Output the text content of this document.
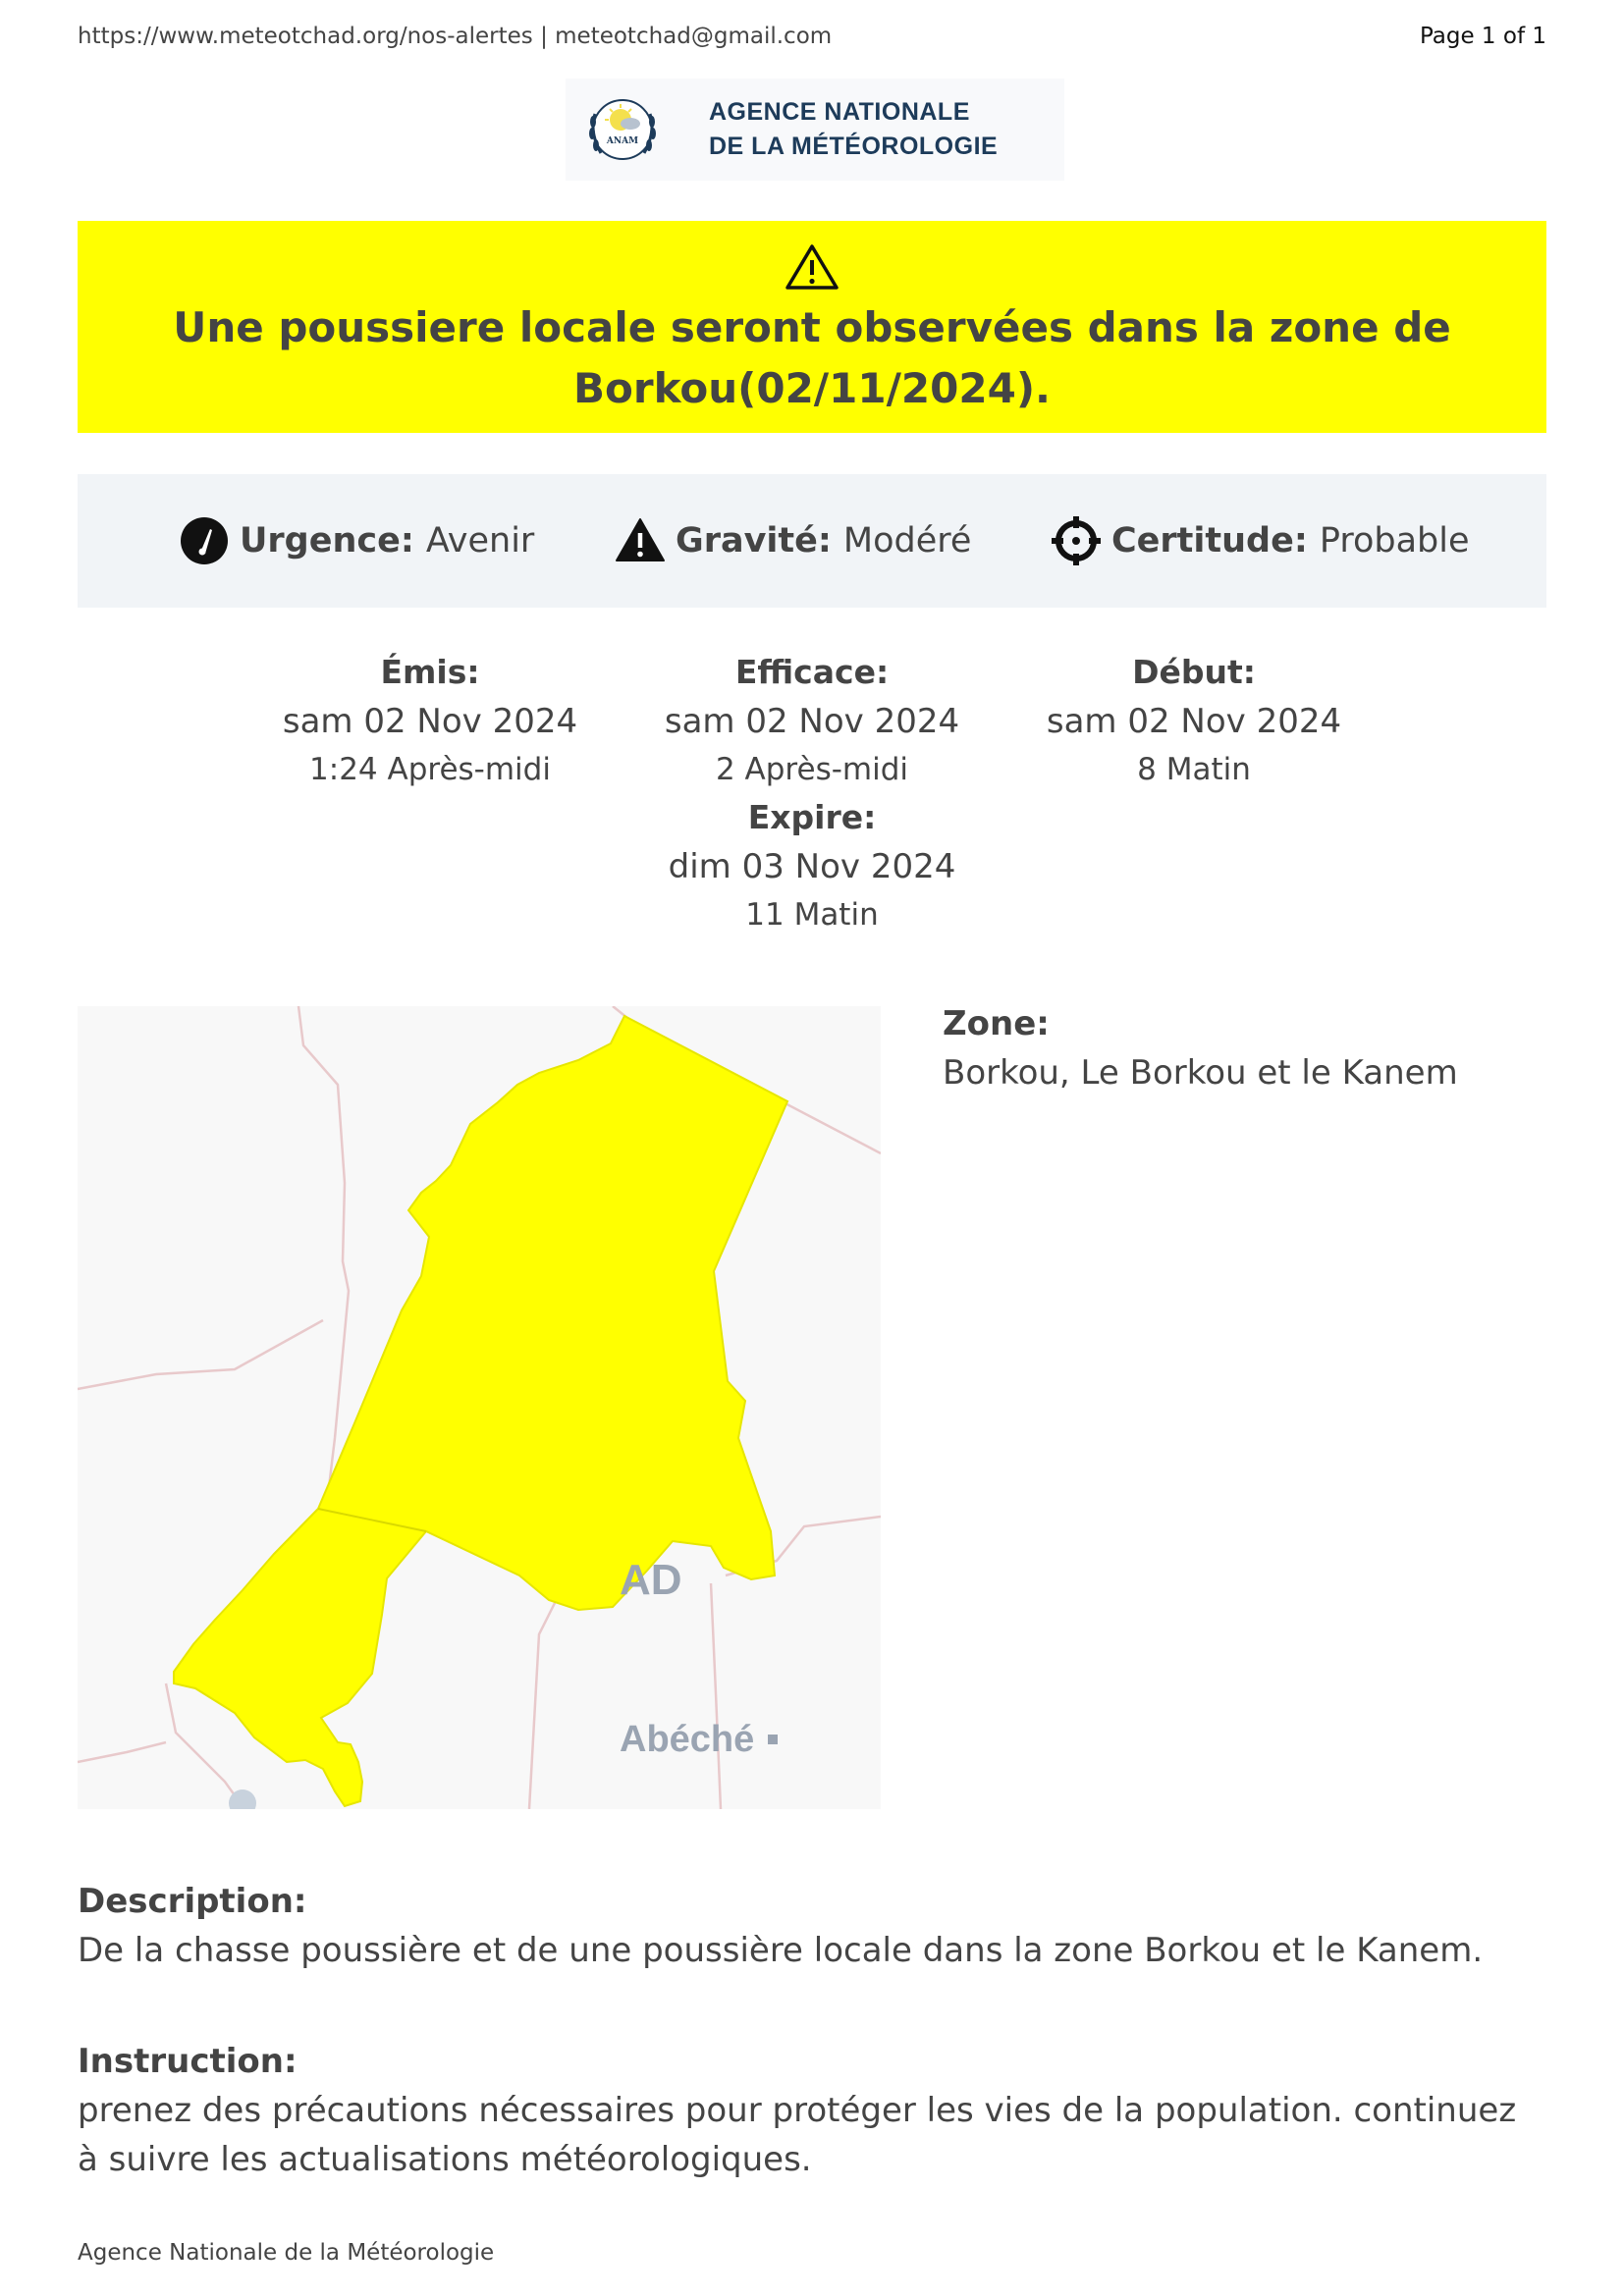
https://www.meteotchad.org/nos-alertes | meteotchad@gmail.com	Page 1 of 1
ANAM
AGENCE NATIONALE
DE LA MÉTÉOROLOGIE
Une poussiere locale seront observées dans la zone de Borkou(02/11/2024).
Urgence: Avenir	Gravité: Modéré	Certitude: Probable
Émis:
sam 02 Nov 2024
1:24 Après-midi
Efficace:
sam 02 Nov 2024
2 Après-midi
Expire:
dim 03 Nov 2024
11 Matin
Début:
sam 02 Nov 2024
8 Matin
AD
Abéché
Zone:
Borkou, Le Borkou et le Kanem
Description:
De la chasse poussière et de une poussière locale dans la zone Borkou et le Kanem.
Instruction:
prenez des précautions nécessaires pour protéger les vies de la population. continuez à suivre les actualisations météorologiques.
Agence Nationale de la Météorologie
